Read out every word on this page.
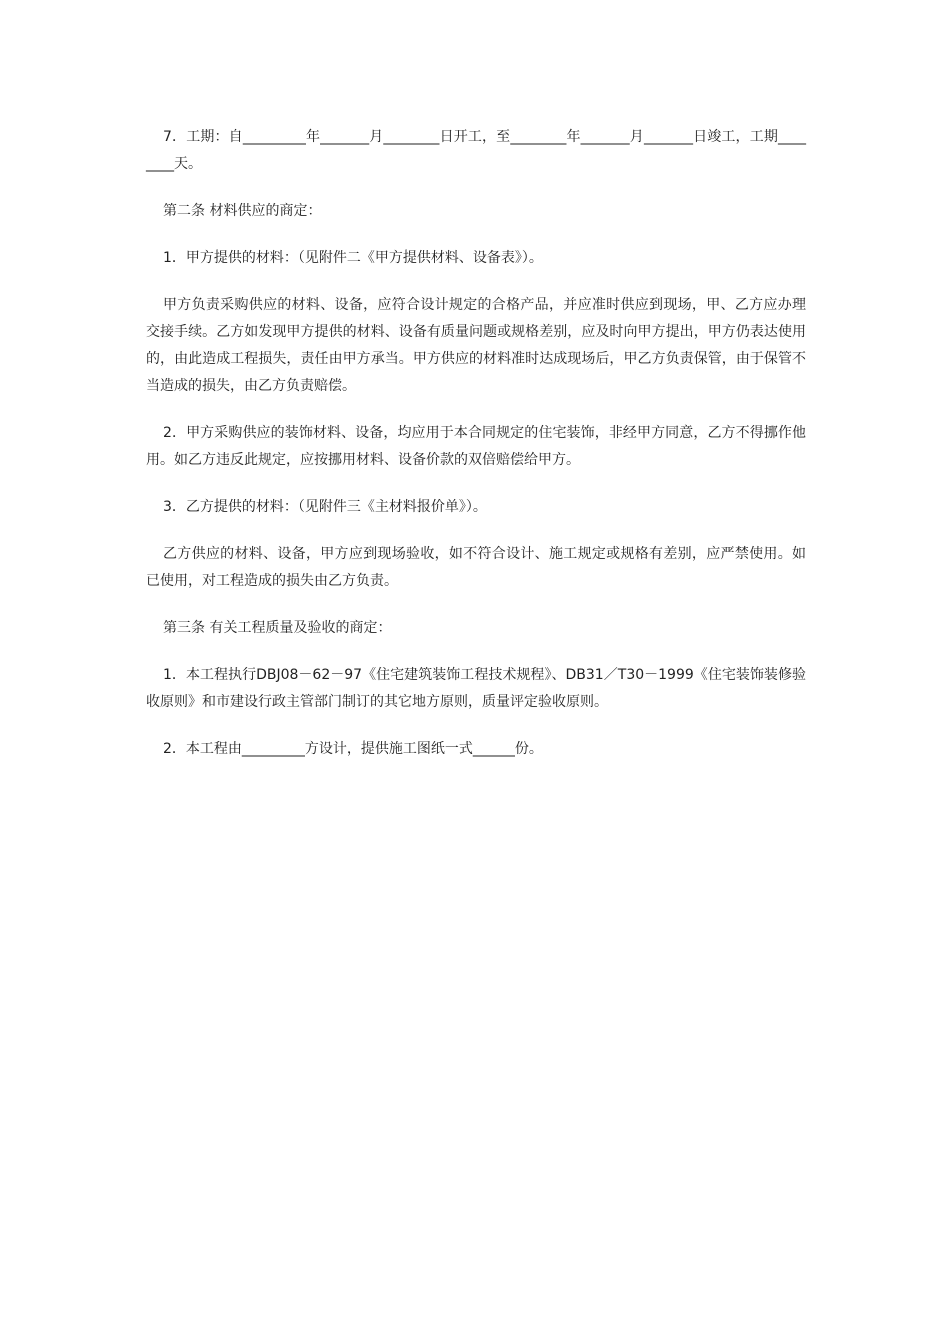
7．工期：自_________年_______月________日开工，至________年_______月_______日竣工，工期________天。

第二条 材料供应的商定：

1．甲方提供的材料：（见附件二《甲方提供材料、设备表》）。

甲方负责采购供应的材料、设备，应符合设计规定的合格产品，并应准时供应到现场，甲、乙方应办理交接手续。乙方如发现甲方提供的材料、设备有质量问题或规格差别，应及时向甲方提出，甲方仍表达使用的，由此造成工程损失，责任由甲方承当。甲方供应的材料准时达成现场后，甲乙方负责保管，由于保管不当造成的损失，由乙方负责赔偿。

2．甲方采购供应的装饰材料、设备，均应用于本合同规定的住宅装饰，非经甲方同意，乙方不得挪作他用。如乙方违反此规定，应按挪用材料、设备价款的双倍赔偿给甲方。

3．乙方提供的材料：（见附件三《主材料报价单》）。

乙方供应的材料、设备，甲方应到现场验收，如不符合设计、施工规定或规格有差别，应严禁使用。如已使用，对工程造成的损失由乙方负责。

第三条 有关工程质量及验收的商定：

1．本工程执行DBJ08－62－97《住宅建筑装饰工程技术规程》、DB31／T30－1999《住宅装饰装修验收原则》和市建设行政主管部门制订的其它地方原则，质量评定验收原则。

2．本工程由_________方设计，提供施工图纸一式______份。
